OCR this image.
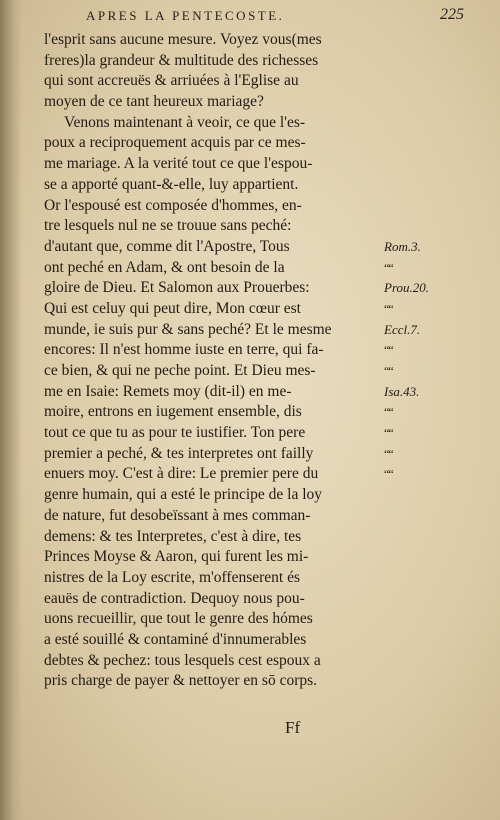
APRES LA PENTECOSTE.	225
l'esprit sans aucune mesure. Voyez vous(mes
freres)la grandeur & multitude des richesses
qui sont accreuës & arriuées à l'Eglise au
moyen de ce tant heureux mariage?
Venons maintenant à veoir, ce que l'es-
poux a reciproquement acquis par ce mes-
me mariage. A la verité tout ce que l'espou-
se a apporté quant-&-elle, luy appartient.
Or l'espousé est composée d'hommes, en-
tre lesquels nul ne se trouue sans peché:
d'autant que, comme dit l'Apostre, Tous
ont peché en Adam, & ont besoin de la
gloire de Dieu. Et Salomon aux Prouerbes:
Qui est celuy qui peut dire, Mon cœur est
munde, ie suis pur & sans peché? Et le mesme
encores: Il n'est homme iuste en terre, qui fa-
ce bien, & qui ne peche point. Et Dieu mes-
me en Isaie: Remets moy (dit-il) en me-
moire, entrons en iugement ensemble, dis
tout ce que tu as pour te iustifier. Ton pere
premier a peché, & tes interpretes ont failly
enuers moy. C'est à dire: Le premier pere du
genre humain, qui a esté le principe de la loy
de nature, fut desobeïssant à mes comman-
demens: & tes Interpretes, c'est à dire, tes
Princes Moyse & Aaron, qui furent les mi-
nistres de la Loy escrite, m'offenserent és
eauës de contradiction. Dequoy nous pou-
uons recueillir, que tout le genre des hómes
a esté souillé & contaminé d'innumerables
debtes & pechez: tous lesquels cest espoux a
pris charge de payer & nettoyer en sō corps.
Rom.3.
““
Prou.20.
““
Eccl.7.
““
““
Isa.43.
““
““
““
““
Ff
